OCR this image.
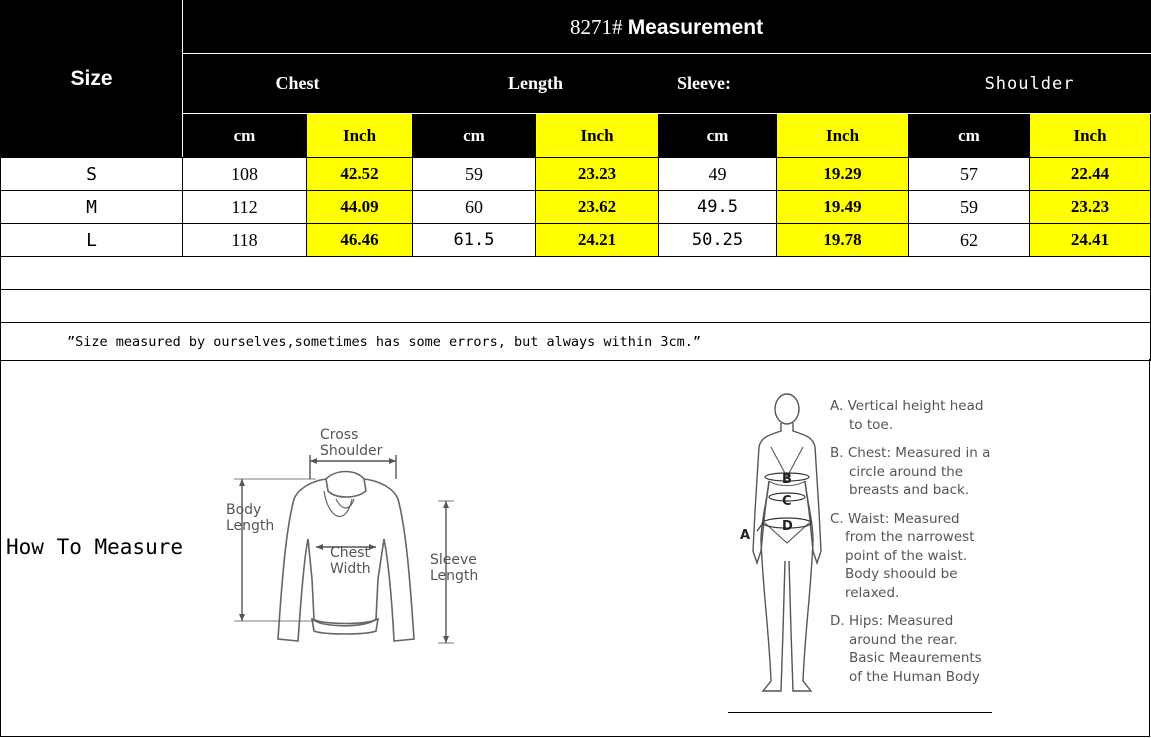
Size	8271# Measurement							
	Chest		Length		Sleeve:		Shoulder	
	cm	Inch	cm	Inch	cm	Inch	cm	Inch
S	108	42.52	59	23.23	49	19.29	57	22.44
M	112	44.09	60	23.62	49.5	19.49	59	23.23
L	118	46.46	61.5	24.21	50.25	19.78	62	24.41

”Size measured by ourselves,sometimes has some errors, but always within 3cm.”								
How To Measure
Cross
Shoulder
Body
Length
Chest
Width
Sleeve
Length
B
C
D
A
A. Vertical height head
to toe.
B. Chest: Measured in a
circle around the
breasts and back.
C. Waist: Measured
from the narrowest
point of the waist.
Body shoould be
relaxed.
D. Hips: Measured
around the rear.
Basic Meaurements
of the Human Body
